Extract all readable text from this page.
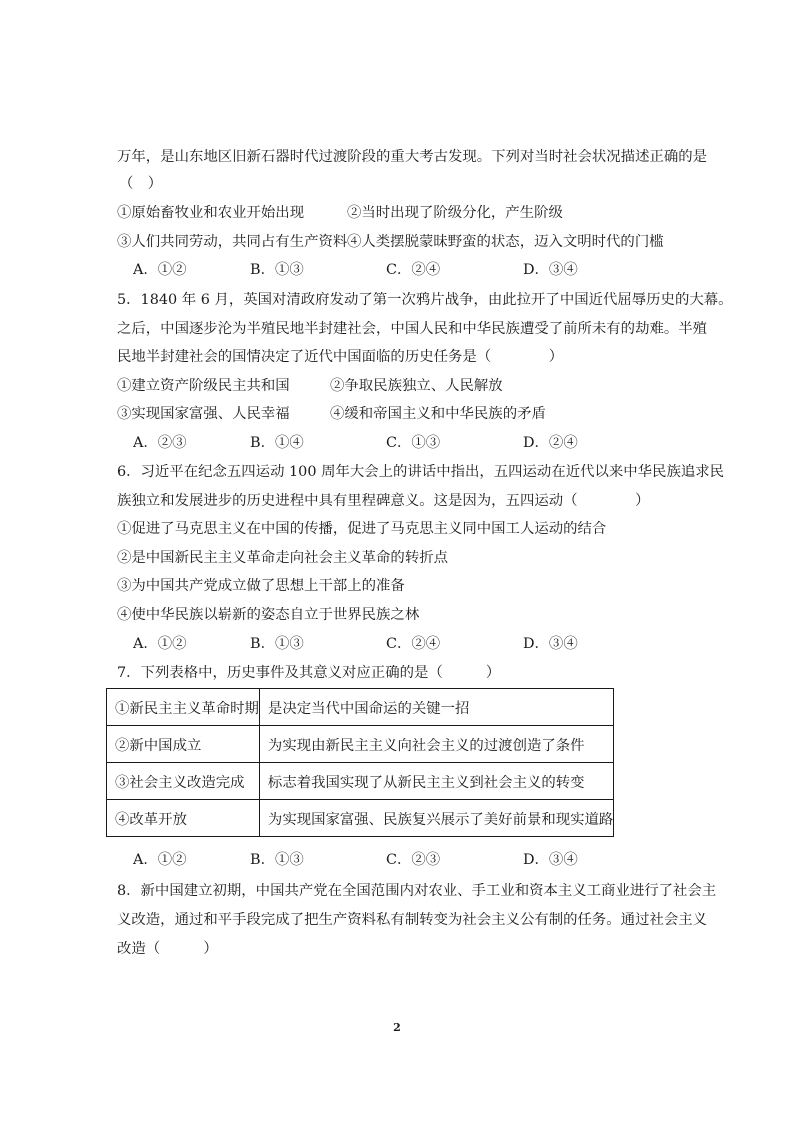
万年，是山东地区旧新石器时代过渡阶段的重大考古发现。下列对当时社会状况描述正确的是
（　）
①原始畜牧业和农业开始出现	②当时出现了阶级分化，产生阶级
③人们共同劳动，共同占有生产资料 ④人类摆脱蒙昧野蛮的状态，迈入文明时代的门槛
A．①②	B．①③	C．②④	D．③④
5．1840 年 6 月，英国对清政府发动了第一次鸦片战争，由此拉开了中国近代屈辱历史的大幕。
之后，中国逐步沦为半殖民地半封建社会，中国人民和中华民族遭受了前所未有的劫难。半殖
民地半封建社会的国情决定了近代中国面临的历史任务是（　　　　）
①建立资产阶级民主共和国	②争取民族独立、人民解放
③实现国家富强、人民幸福	④缓和帝国主义和中华民族的矛盾
A．②③	B．①④	C．①③	D．②④
6．习近平在纪念五四运动 100 周年大会上的讲话中指出，五四运动在近代以来中华民族追求民
族独立和发展进步的历史进程中具有里程碑意义。这是因为，五四运动（　　　　）
①促进了马克思主义在中国的传播，促进了马克思主义同中国工人运动的结合
②是中国新民主主义革命走向社会主义革命的转折点
③为中国共产党成立做了思想上干部上的准备
④使中华民族以崭新的姿态自立于世界民族之林
A．①②	B．①③	C．②④	D．③④
7．下列表格中，历史事件及其意义对应正确的是（　　　）
①新民主主义革命时期	是决定当代中国命运的关键一招
②新中国成立	为实现由新民主主义向社会主义的过渡创造了条件
③社会主义改造完成	标志着我国实现了从新民主主义到社会主义的转变
④改革开放	为实现国家富强、民族复兴展示了美好前景和现实道路
A．①②	B．①③	C．②③	D．③④
8．新中国建立初期，中国共产党在全国范围内对农业、手工业和资本主义工商业进行了社会主
义改造，通过和平手段完成了把生产资料私有制转变为社会主义公有制的任务。通过社会主义
改造（　　　）
2
